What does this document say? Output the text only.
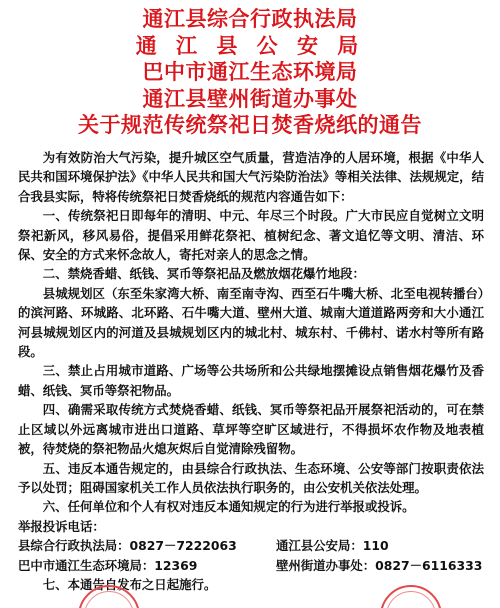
通江县综合行政执法局
通 江 县 公 安 局
巴中市通江生态环境局
通江县壁州街道办事处
关于规范传统祭祀日焚香烧纸的通告

为有效防治大气污染，提升城区空气质量，营造洁净的人居环境，根据《中华人民共和国环境保护法》《中华人民共和国大气污染防治法》等相关法律、法规规定，结合我县实际，特将传统祭祀日焚香烧纸的规范内容通告如下：

一、传统祭祀日即每年的清明、中元、年尽三个时段。广大市民应自觉树立文明祭祀新风，移风易俗，提倡采用鲜花祭祀、植树纪念、著文追忆等文明、清洁、环保、安全的方式来怀念故人，寄托对亲人的思念之情。

二、禁烧香蜡、纸钱、冥币等祭祀品及燃放烟花爆竹地段：

县城规划区（东至朱家湾大桥、南至南寺沟、西至石牛嘴大桥、北至电视转播台）的滨河路、环城路、北环路、石牛嘴大道、壁州大道、城南大道道路两旁和大小通江河县城规划区内的河道及县城规划区内的城北村、城东村、千佛村、诺水村等所有路段。

三、禁止占用城市道路、广场等公共场所和公共绿地摆摊设点销售烟花爆竹及香蜡、纸钱、冥币等祭祀物品。

四、确需采取传统方式焚烧香蜡、纸钱、冥币等祭祀品开展祭祀活动的，可在禁止区域以外远离城市进出口道路、草坪等空旷区域进行，不得损坏农作物及地表植被，待焚烧的祭祀物品火熄灰烬后自觉清除残留物。

五、违反本通告规定的，由县综合行政执法、生态环境、公安等部门按职责依法予以处罚；阻碍国家机关工作人员依法执行职务的，由公安机关依法处理。

六、任何单位和个人有权对违反本通知规定的行为进行举报或投诉。

举报投诉电话：

县综合行政执法局：0827－7222063	通江县公安局：110
巴中市通江生态环境局：12369	壁州街道办事处：0827－6116333

七、本通告自发布之日起施行。
